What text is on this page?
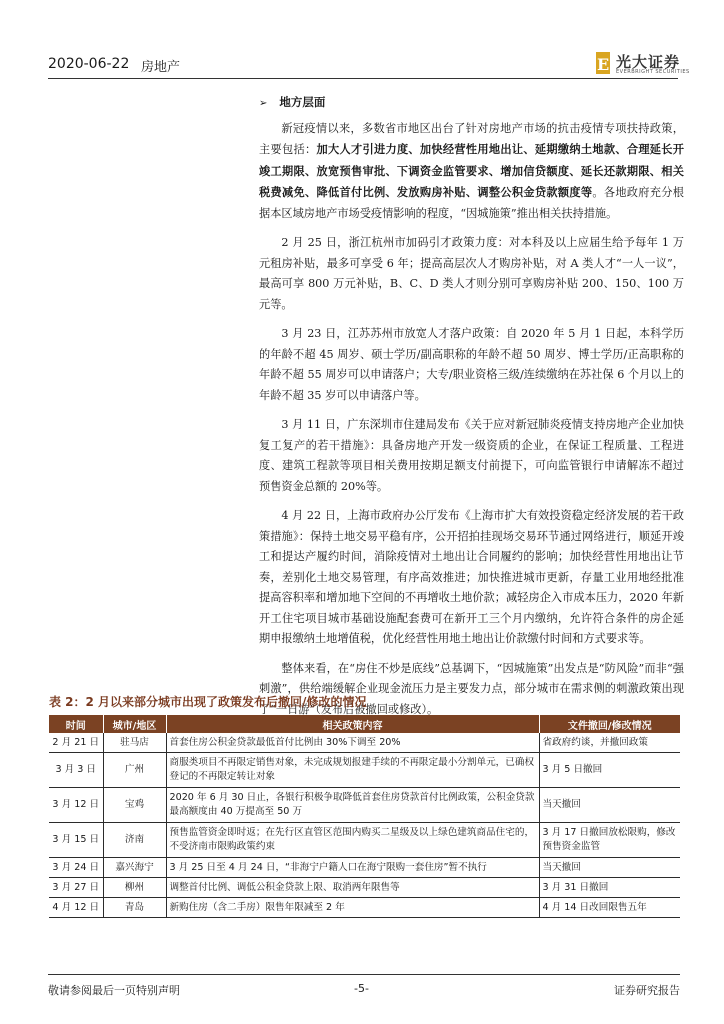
2020-06-22 房地产	E 光大证券
EVERBRIGHT SECURITIES
➢ 地方层面

新冠疫情以来，多数省市地区出台了针对房地产市场的抗击疫情专项扶持政策，主要包括：加大人才引进力度、加快经营性用地出让、延期缴纳土地款、合理延长开竣工期限、放宽预售审批、下调资金监管要求、增加信贷额度、延长还款期限、相关税费减免、降低首付比例、发放购房补贴、调整公积金贷款额度等。各地政府充分根据本区域房地产市场受疫情影响的程度，“因城施策”推出相关扶持措施。

2 月 25 日，浙江杭州市加码引才政策力度：对本科及以上应届生给予每年 1 万元租房补贴，最多可享受 6 年；提高高层次人才购房补贴，对 A 类人才“一人一议”，最高可享 800 万元补贴，B、C、D 类人才则分别可享购房补贴 200、150、100 万元等。

3 月 23 日，江苏苏州市放宽人才落户政策：自 2020 年 5 月 1 日起，本科学历的年龄不超 45 周岁、硕士学历/副高职称的年龄不超 50 周岁、博士学历/正高职称的年龄不超 55 周岁可以申请落户；大专/职业资格三级/连续缴纳在苏社保 6 个月以上的年龄不超 35 岁可以申请落户等。

3 月 11 日，广东深圳市住建局发布《关于应对新冠肺炎疫情支持房地产企业加快复工复产的若干措施》：具备房地产开发一级资质的企业，在保证工程质量、工程进度、建筑工程款等项目相关费用按期足额支付前提下，可向监管银行申请解冻不超过预售资金总额的 20%等。

4 月 22 日，上海市政府办公厅发布《上海市扩大有效投资稳定经济发展的若干政策措施》：保持土地交易平稳有序，公开招拍挂现场交易环节通过网络进行，顺延开竣工和提达产履约时间，消除疫情对土地出让合同履约的影响；加快经营性用地出让节奏，差别化土地交易管理，有序高效推进；加快推进城市更新，存量工业用地经批准提高容积率和增加地下空间的不再增收土地价款；减轻房企入市成本压力，2020 年新开工住宅项目城市基础设施配套费可在新开工三个月内缴纳，允许符合条件的房企延期申报缴纳土地增值税，优化经营性用地土地出让价款缴付时间和方式要求等。

整体来看，在“房住不炒是底线”总基调下，“因城施策”出发点是“防风险”而非“强刺激”，供给端缓解企业现金流压力是主要发力点，部分城市在需求侧的刺激政策出现了“一日游”（发布后被撤回或修改）。

表 2：2 月以来部分城市出现了政策发布后撤回/修改的情况
时间	城市/地区	相关政策内容	文件撤回/修改情况
2 月 21 日	驻马店	首套住房公积金贷款最低首付比例由 30%下调至 20%	省政府约谈，并撤回政策
3 月 3 日	广州	商服类项目不再限定销售对象，未完成规划报建手续的不再限定最小分割单元，已确权登记的不再限定转让对象	3 月 5 日撤回
3 月 12 日	宝鸡	2020 年 6 月 30 日止，各银行积极争取降低首套住房贷款首付比例政策，公积金贷款最高额度由 40 万提高至 50 万	当天撤回
3 月 15 日	济南	预售监管资金即时返；在先行区直管区范围内购买二星级及以上绿色建筑商品住宅的，不受济南市限购政策约束	3 月 17 日撤回放松限购，修改预售资金监管
3 月 24 日	嘉兴海宁	3 月 25 日至 4 月 24 日，“非海宁户籍人口在海宁限购一套住房”暂不执行	当天撤回
3 月 27 日	柳州	调整首付比例、调低公积金贷款上限、取消两年限售等	3 月 31 日撤回
4 月 12 日	青岛	新购住房（含二手房）限售年限减至 2 年	4 月 14 日改回限售五年
敬请参阅最后一页特别声明	-5-	证券研究报告
